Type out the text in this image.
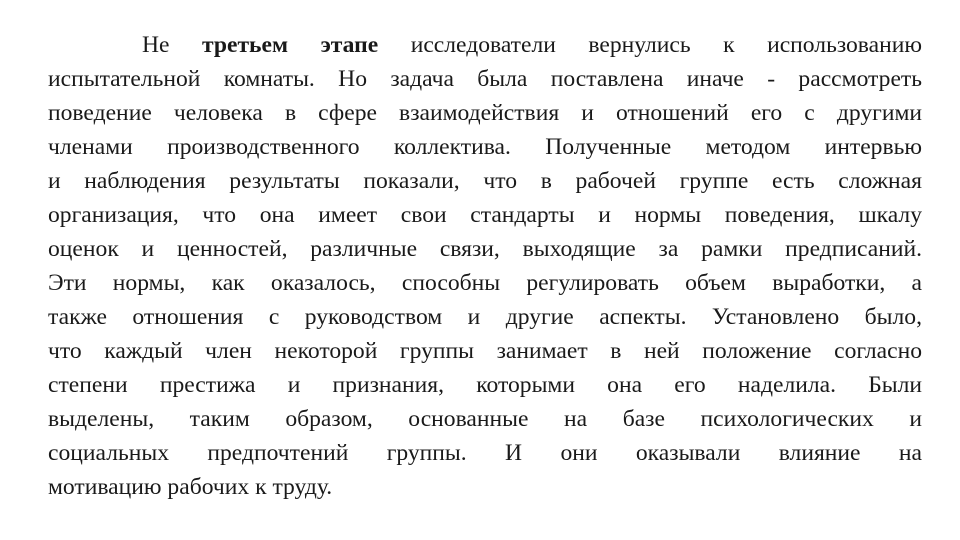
Не третьем этапе исследователи вернулись к использованию
испытательной комнаты. Но задача была поставлена иначе - рассмотреть
поведение человека в сфере взаимодействия и отношений его с другими
членами производственного коллектива. Полученные методом интервью
и наблюдения результаты показали, что в рабочей группе есть сложная
организация, что она имеет свои стандарты и нормы поведения, шкалу
оценок и ценностей, различные связи, выходящие за рамки предписаний.
Эти нормы, как оказалось, способны регулировать объем выработки, а
также отношения с руководством и другие аспекты. Установлено было,
что каждый член некоторой группы занимает в ней положение согласно
степени престижа и признания, которыми она его наделила. Были
выделены, таким образом, основанные на базе психологических и
социальных предпочтений группы. И они оказывали влияние на
мотивацию рабочих к труду.
